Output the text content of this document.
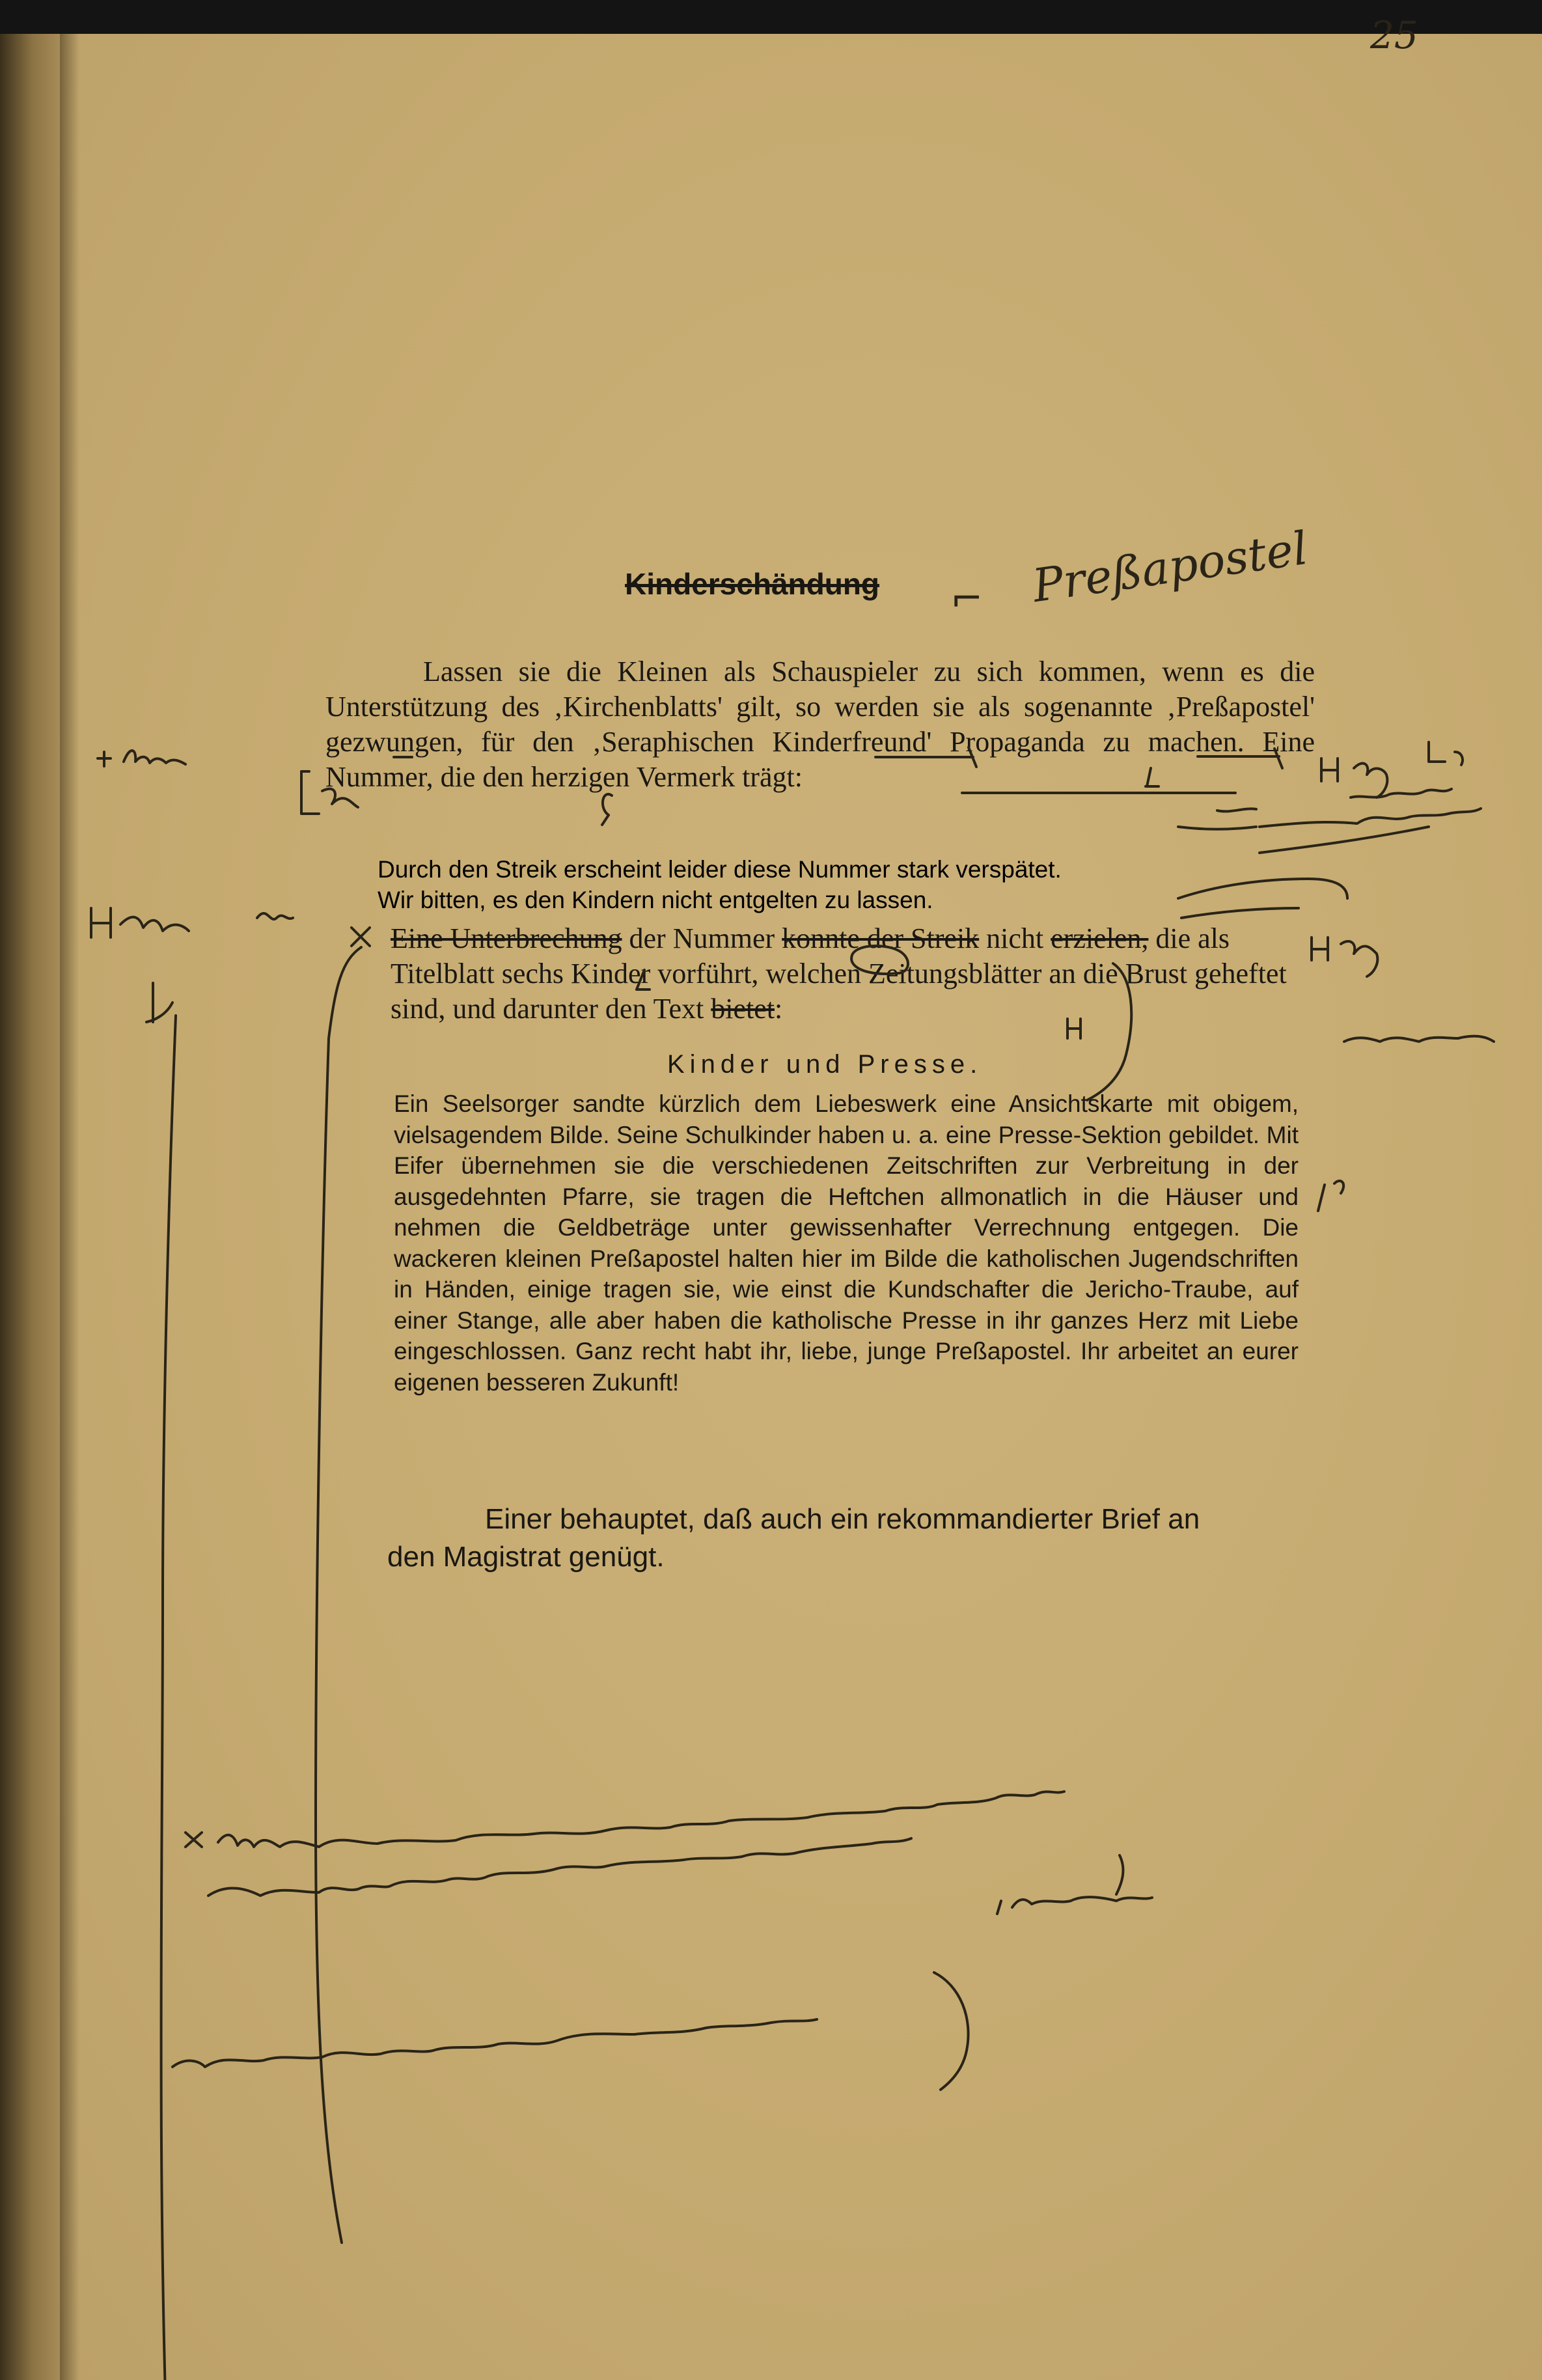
25
Kinderschändung ⌐ Preßapostel

Lassen sie die Kleinen als Schauspieler zu sich kommen, wenn es die Unterstützung des ‚Kirchenblatts' gilt, so werden sie als sogenannte ‚Preßapostel' gezwungen, für den ‚Seraphischen Kinderfreund' Propaganda zu machen. Eine Nummer, die den herzigen Vermerk trägt:

Durch den Streik erscheint leider diese Nummer stark verspätet.
Wir bitten, es den Kindern nicht entgelten zu lassen.
Eine Unterbrechung der Nummer konnte der Streik nicht erzielen, die als Titelblatt sechs Kinder vorführt, welchen Zeitungsblätter an die Brust geheftet sind, und darunter den Text bietet:
Kinder und Presse.
Ein Seelsorger sandte kürzlich dem Liebeswerk eine Ansichtskarte mit obigem, vielsagendem Bilde. Seine Schulkinder haben u. a. eine Presse-Sektion gebildet. Mit Eifer übernehmen sie die verschiedenen Zeitschriften zur Verbreitung in der ausgedehnten Pfarre, sie tragen die Heftchen allmonatlich in die Häuser und nehmen die Geldbeträge unter gewissenhafter Verrechnung entgegen. Die wackeren kleinen Preßapostel halten hier im Bilde die katholischen Jugendschriften in Händen, einige tragen sie, wie einst die Kundschafter die Jericho-Traube, auf einer Stange, alle aber haben die katholische Presse in ihr ganzes Herz mit Liebe eingeschlossen. Ganz recht habt ihr, liebe, junge Preßapostel. Ihr arbeitet an eurer eigenen besseren Zukunft!

Einer behauptet, daß auch ein rekommandierter Brief an

den Magistrat genügt.
